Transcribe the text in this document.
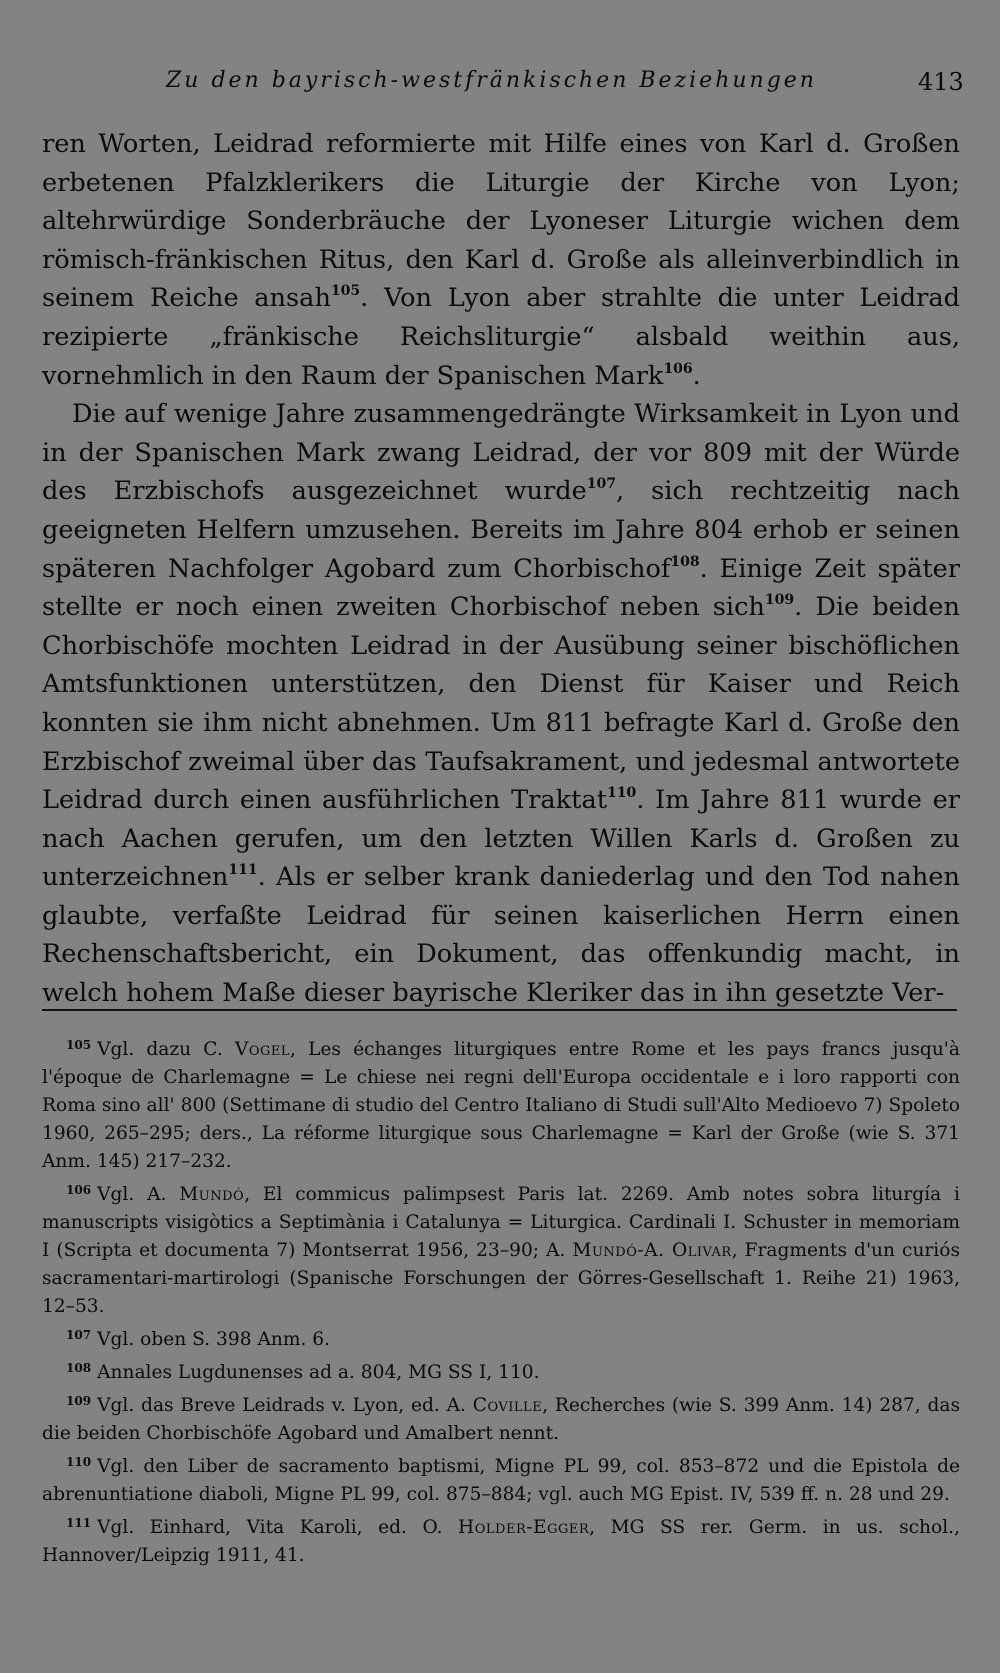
Zu den bayrisch-westfränkischen Beziehungen	413

ren Worten, Leidrad reformierte mit Hilfe eines von Karl d. Großen erbetenen Pfalzklerikers die Liturgie der Kirche von Lyon; altehrwürdige Sonderbräuche der Lyoneser Liturgie wichen dem römisch-fränkischen Ritus, den Karl d. Große als alleinverbindlich in seinem Reiche ansah$^{105}$. Von Lyon aber strahlte die unter Leidrad rezipierte „fränkische Reichsliturgie“ alsbald weithin aus, vornehmlich in den Raum der Spanischen Mark$^{106}$.

Die auf wenige Jahre zusammengedrängte Wirksamkeit in Lyon und in der Spanischen Mark zwang Leidrad, der vor 809 mit der Würde des Erzbischofs ausgezeichnet wurde$^{107}$, sich rechtzeitig nach geeigneten Helfern umzusehen. Bereits im Jahre 804 erhob er seinen späteren Nachfolger Agobard zum Chorbischof$^{108}$. Einige Zeit später stellte er noch einen zweiten Chorbischof neben sich$^{109}$. Die beiden Chorbischöfe mochten Leidrad in der Ausübung seiner bischöflichen Amtsfunktionen unterstützen, den Dienst für Kaiser und Reich konnten sie ihm nicht abnehmen. Um 811 befragte Karl d. Große den Erzbischof zweimal über das Taufsakrament, und jedesmal antwortete Leidrad durch einen ausführlichen Traktat$^{110}$. Im Jahre 811 wurde er nach Aachen gerufen, um den letzten Willen Karls d. Großen zu unterzeichnen$^{111}$. Als er selber krank daniederlag und den Tod nahen glaubte, verfaßte Leidrad für seinen kaiserlichen Herrn einen Rechenschaftsbericht, ein Dokument, das offenkundig macht, in welch hohem Maße dieser bayrische Kleriker das in ihn gesetzte Ver-

$^{105}$ Vgl. dazu C. Vogel, Les échanges liturgiques entre Rome et les pays francs jusqu'à l'époque de Charlemagne = Le chiese nei regni dell'Europa occidentale e i loro rapporti con Roma sino all' 800 (Settimane di studio del Centro Italiano di Studi sull'Alto Medioevo 7) Spoleto 1960, 265–295; ders., La réforme liturgique sous Charlemagne = Karl der Große (wie S. 371 Anm. 145) 217–232.

$^{106}$ Vgl. A. Mundó, El commicus palimpsest Paris lat. 2269. Amb notes sobra liturgía i manuscripts visigòtics a Septimània i Catalunya = Liturgica. Cardinali I. Schuster in memoriam I (Scripta et documenta 7) Montserrat 1956, 23–90; A. Mundó-A. Olivar, Fragments d'un curiós sacramentari-martirologi (Spanische Forschungen der Görres-Gesellschaft 1. Reihe 21) 1963, 12–53.

$^{107}$ Vgl. oben S. 398 Anm. 6.

$^{108}$ Annales Lugdunenses ad a. 804, MG SS I, 110.

$^{109}$ Vgl. das Breve Leidrads v. Lyon, ed. A. Coville, Recherches (wie S. 399 Anm. 14) 287, das die beiden Chorbischöfe Agobard und Amalbert nennt.

$^{110}$ Vgl. den Liber de sacramento baptismi, Migne PL 99, col. 853–872 und die Epistola de abrenuntiatione diaboli, Migne PL 99, col. 875–884; vgl. auch MG Epist. IV, 539 ff. n. 28 und 29.

$^{111}$ Vgl. Einhard, Vita Karoli, ed. O. Holder-Egger, MG SS rer. Germ. in us. schol., Hannover/Leipzig 1911, 41.
